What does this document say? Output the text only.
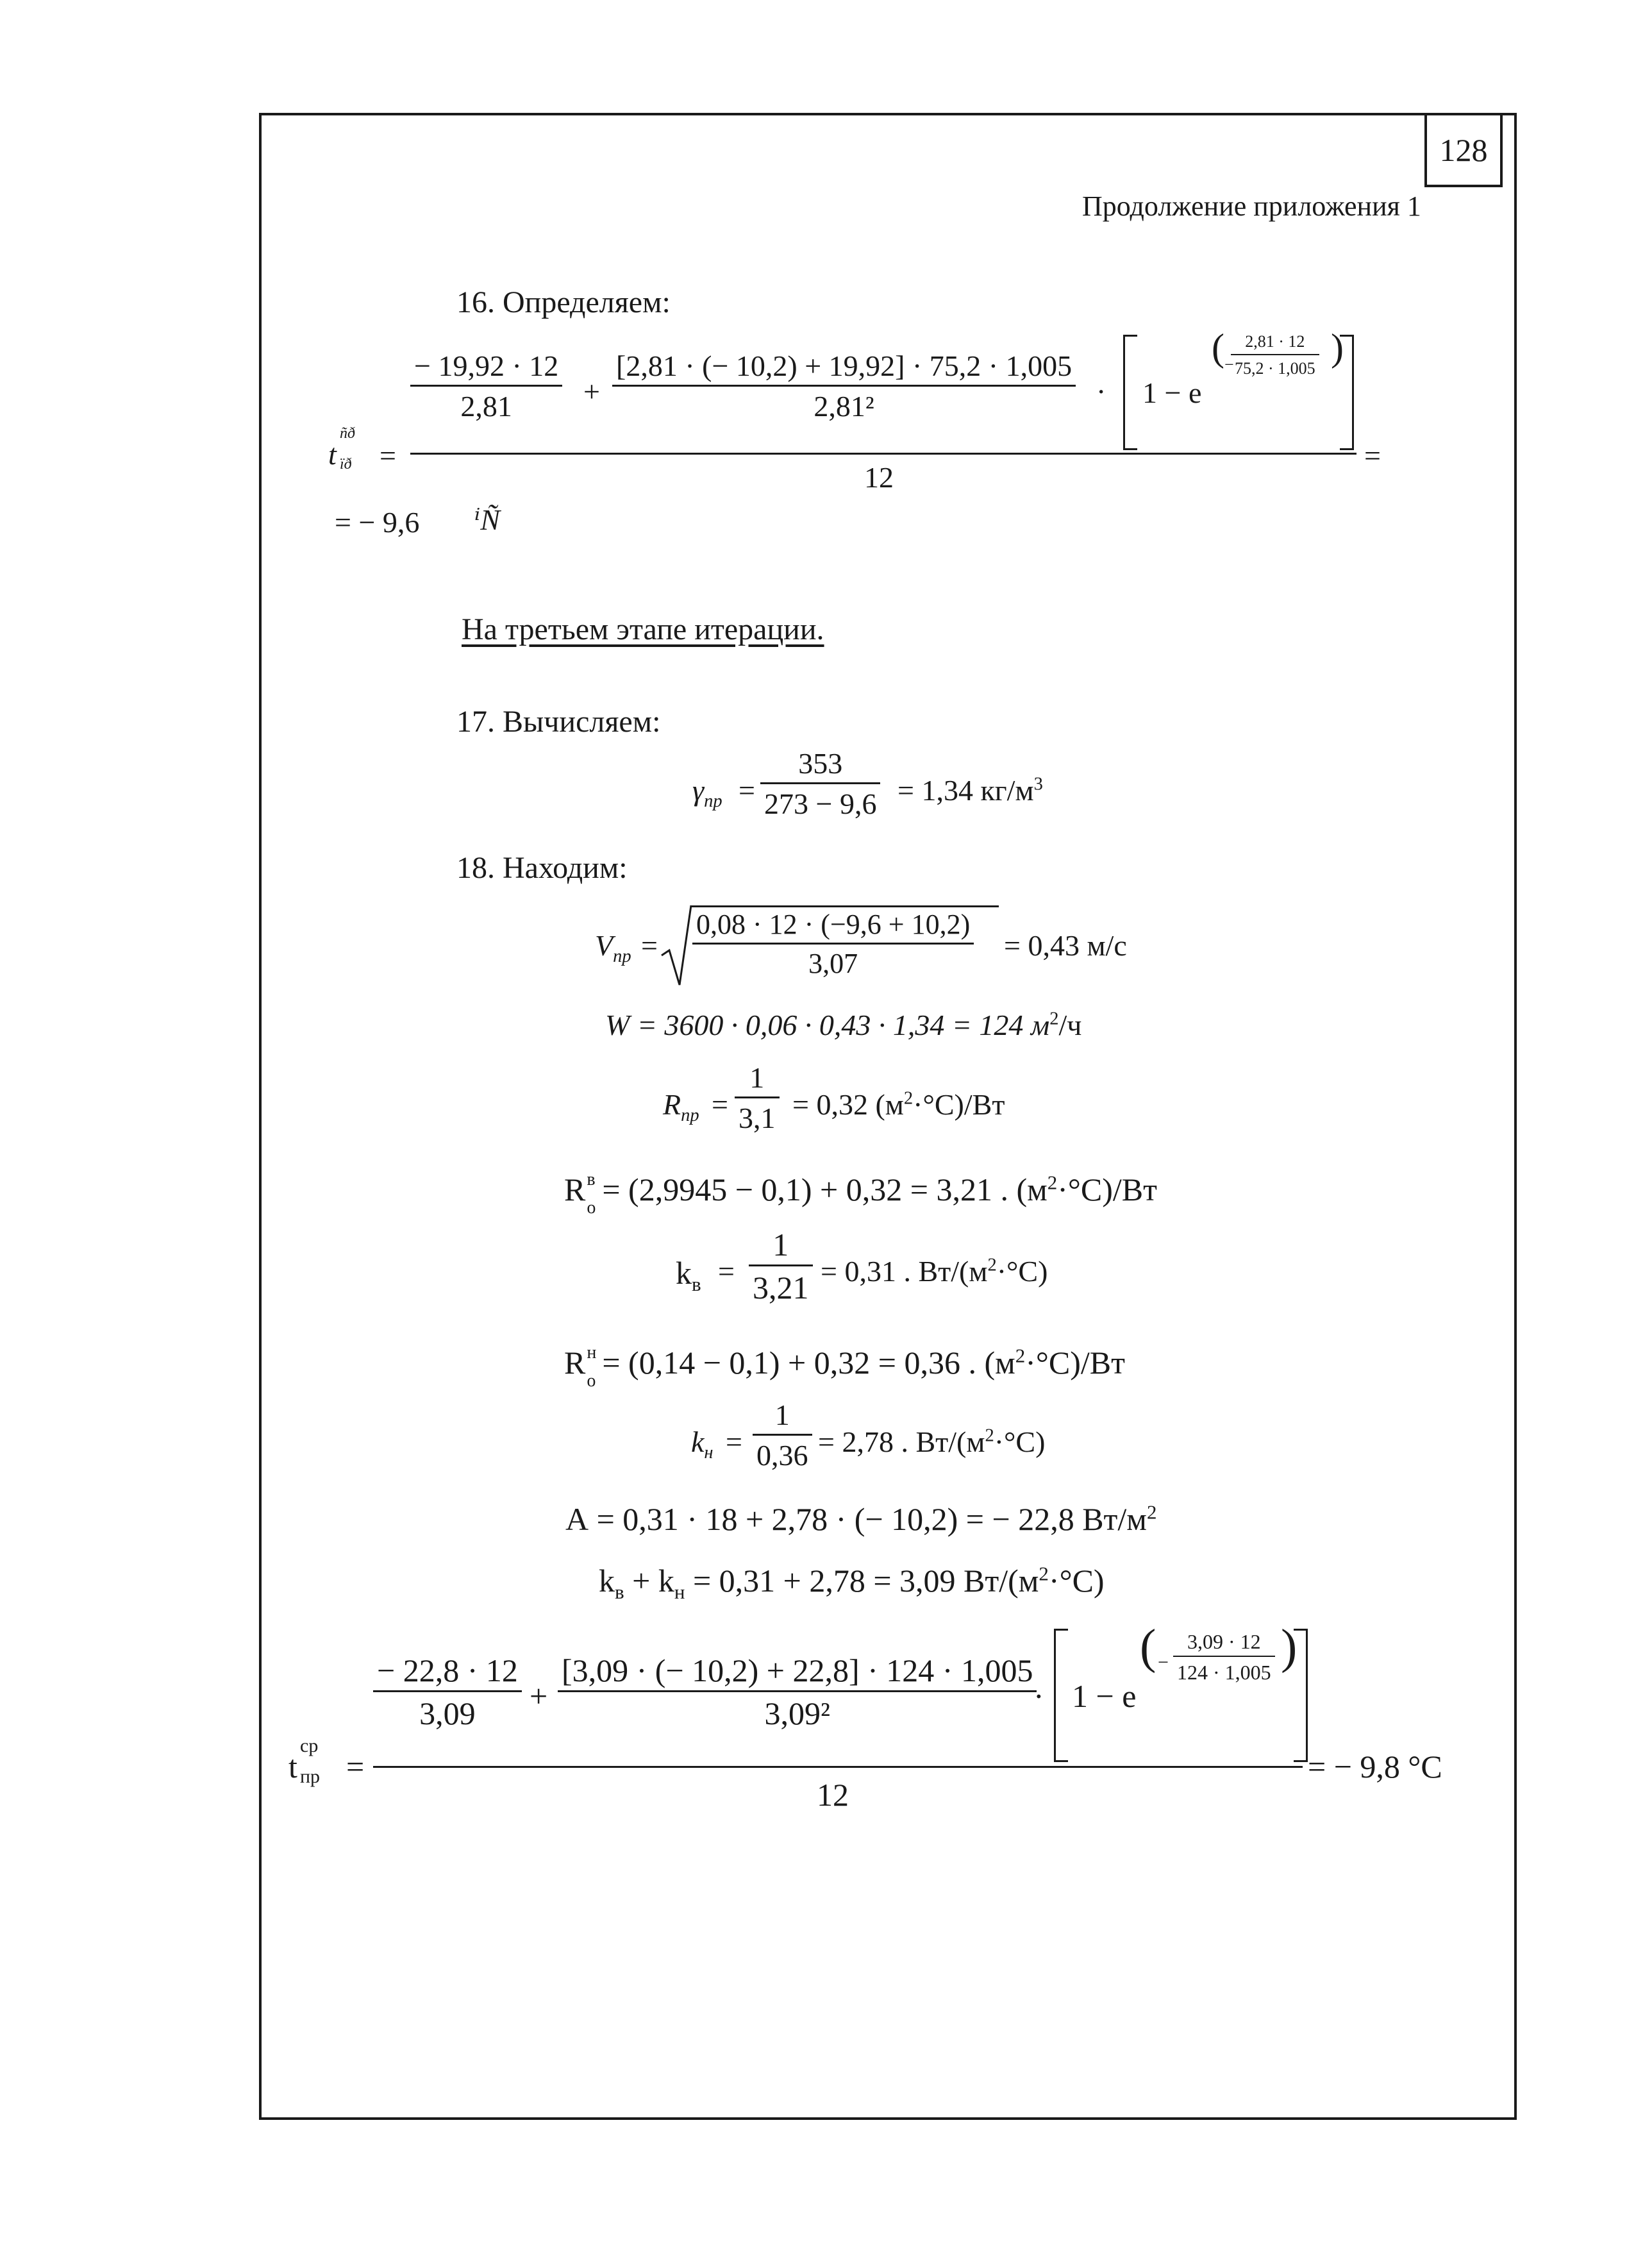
128
Продолжение приложения 1
16. Определяем:
− 19,92 · 12
2,81 +
[2,81 · (− 10,2) + 19,92] · 75,2 · 1,005
2,81²	· 1 − e
( −
2,81 · 12
75,2 · 1,005 )
12
t
ñð
ïð =	=
= − 9,6 ⁱÑ
На третьем этапе итерации.
17. Вычисляем:
$\gamma_{пр}$ =
353
273 − 9,6 = 1,34 $кг/м^3$
18. Находим:
$V_{пр}$ =
0,08 · 12 · (−9,6 + 10,2)
3,07
= 0,43 м/с
W = 3600 · 0,06 · 0,43 · 1,34 = 124 $м^2/ч$
$R_{пр}$ =
1
3,1 = 0,32 $(м^2\cdot^\circ С)/Вт$
R в
о
= (2,9945 − 0,1) + 0,32 = 3,21 . $(м^2\cdot^\circ С)/Вт$
$k_в$ =
1
3,21 = 0,31 . $Вт/(м^2\cdot^\circ С)$
R н
о
= (0,14 − 0,1) + 0,32 = 0,36 . $(м^2\cdot^\circ С)/Вт$
$k_н$ =
1
0,36 = 2,78 . $Вт/(м^2\cdot^\circ С)$
А = 0,31 · 18 + 2,78 · (− 10,2) = − 22,8 $Вт/м^2$
$k_в + k_н = 0,31 + 2,78 = 3,09$ $Вт/(м^2\cdot^\circ С)$
− 22,8 · 12
3,09 +
[3,09 · (− 10,2) + 22,8] · 124 · 1,005
3,09²	· 1 − e
( −
3,09 · 12
124 · 1,005 )
12
t
ср
пр =	= − 9,8 °С
